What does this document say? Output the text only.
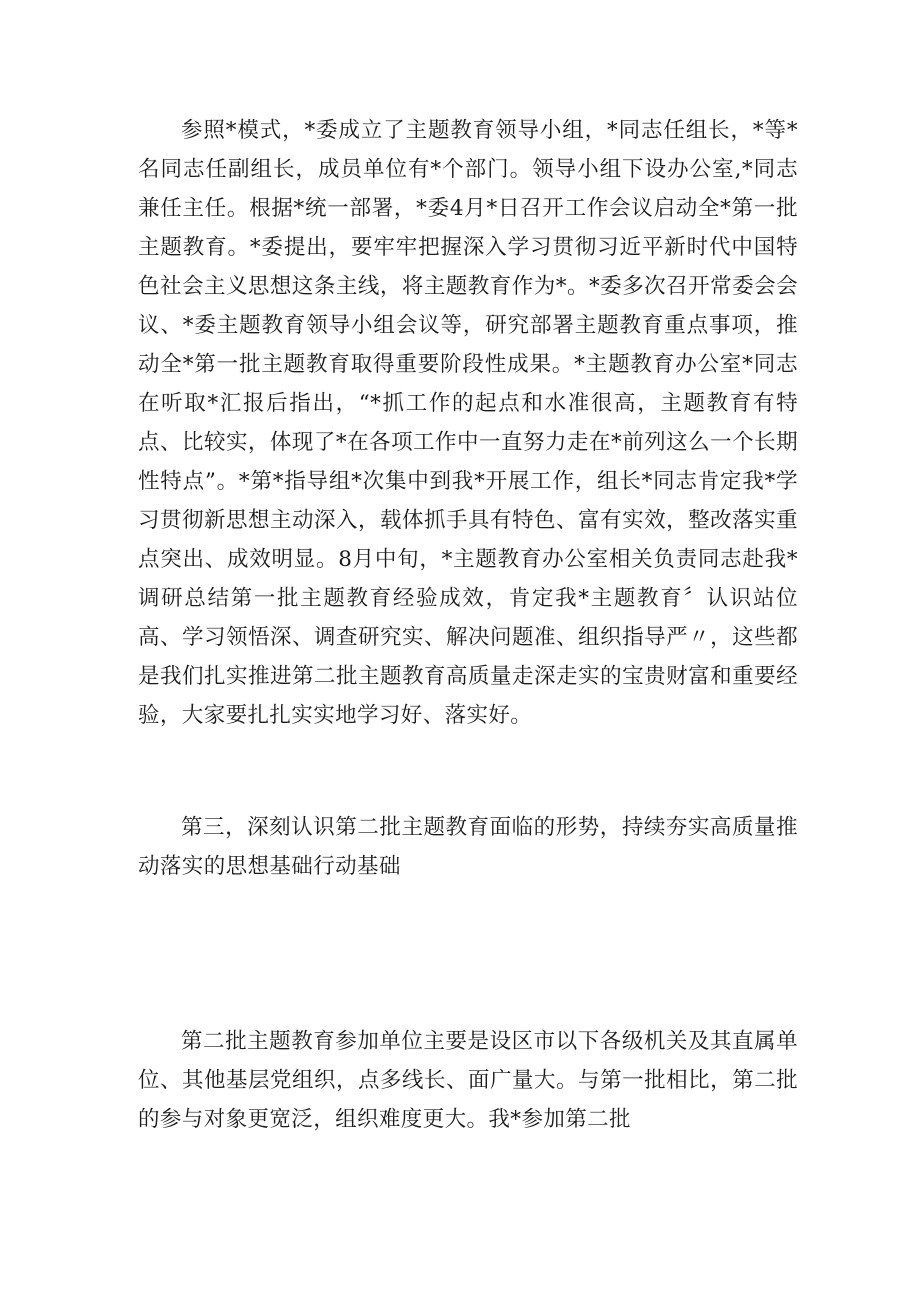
参照*模式，*委成立了主题教育领导小组，*同志任组长，*等*名同志任副组长，成员单位有*个部门。领导小组下设办公室,*同志兼任主任。根据*统一部署，*委4月*日召开工作会议启动全*第一批主题教育。*委提出，要牢牢把握深入学习贯彻习近平新时代中国特色社会主义思想这条主线，将主题教育作为*。*委多次召开常委会会议、*委主题教育领导小组会议等，研究部署主题教育重点事项，推动全*第一批主题教育取得重要阶段性成果。*主题教育办公室*同志在听取*汇报后指出，“*抓工作的起点和水准很高，主题教育有特点、比较实，体现了*在各项工作中一直努力走在*前列这么一个长期性特点”。*第*指导组*次集中到我*开展工作，组长*同志肯定我*学习贯彻新思想主动深入，载体抓手具有特色、富有实效，整改落实重点突出、成效明显。8月中旬，*主题教育办公室相关负责同志赴我*调研总结第一批主题教育经验成效，肯定我*主题教育〞认识站位高、学习领悟深、调查研究实、解决问题准、组织指导严〃，这些都是我们扎实推进第二批主题教育高质量走深走实的宝贵财富和重要经验，大家要扎扎实实地学习好、落实好。

第三，深刻认识第二批主题教育面临的形势，持续夯实高质量推动落实的思想基础行动基础

第二批主题教育参加单位主要是设区市以下各级机关及其直属单位、其他基层党组织，点多线长、面广量大。与第一批相比，第二批的参与对象更宽泛，组织难度更大。我*参加第二批
